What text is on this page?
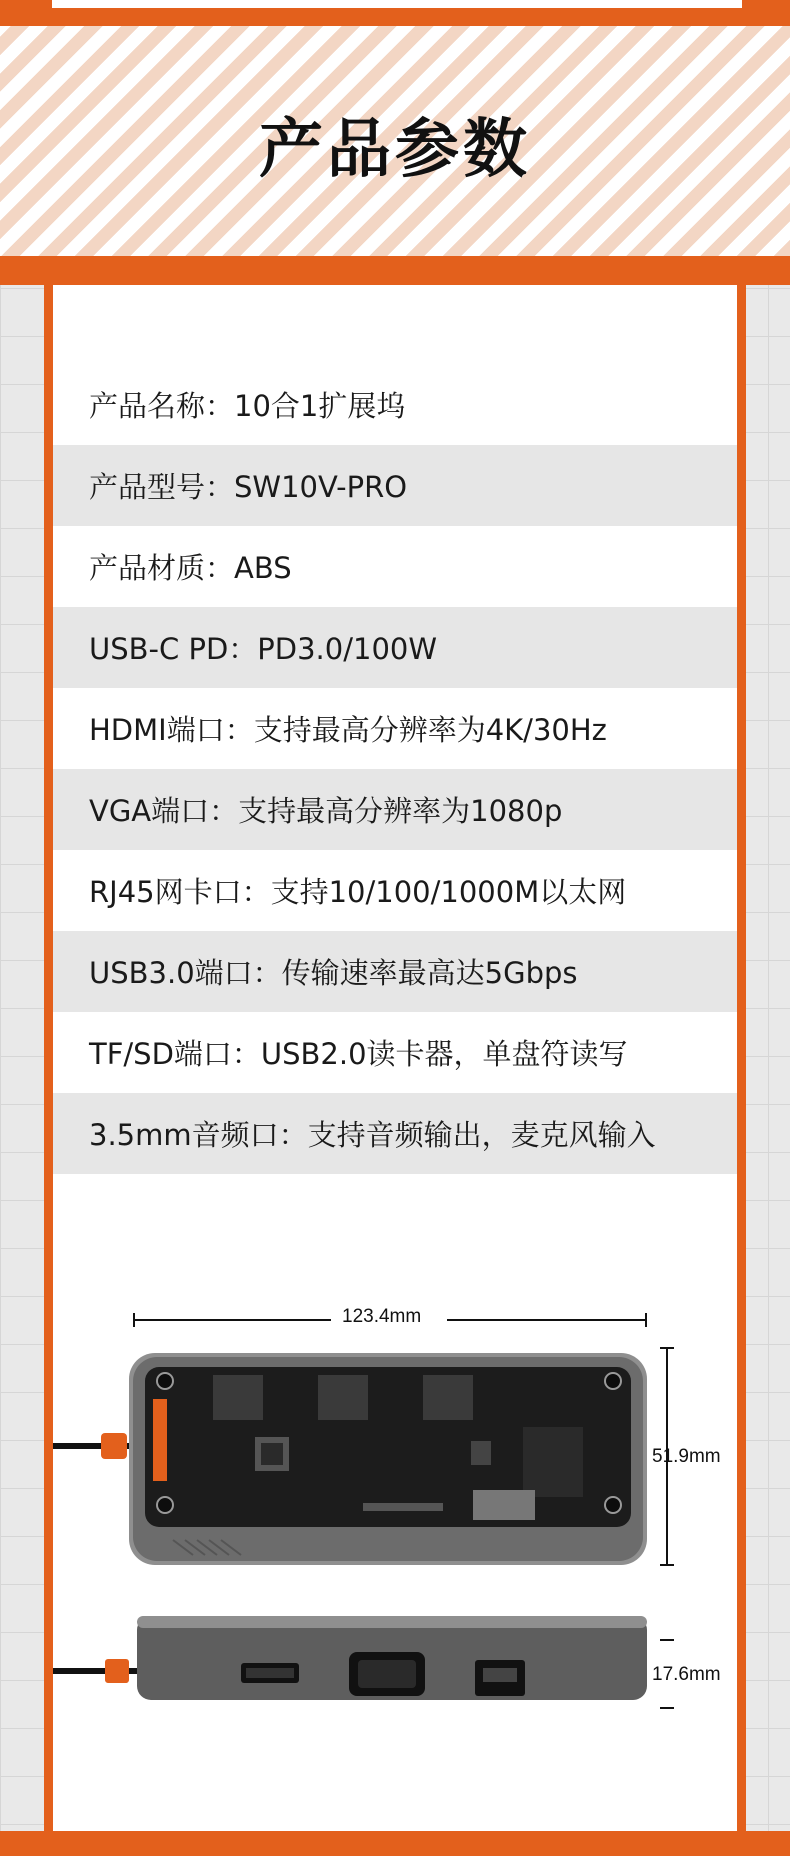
产品参数
产品名称：10合1扩展坞
产品型号：SW10V-PRO
产品材质：ABS
USB-C PD：PD3.0/100W
HDMI端口：支持最高分辨率为4K/30Hz
VGA端口：支持最高分辨率为1080p
RJ45网卡口：支持10/100/1000M以太网
USB3.0端口：传输速率最高达5Gbps
TF/SD端口：USB2.0读卡器，单盘符读写
3.5mm音频口：支持音频输出，麦克风输入
123.4mm
51.9mm
17.6mm
